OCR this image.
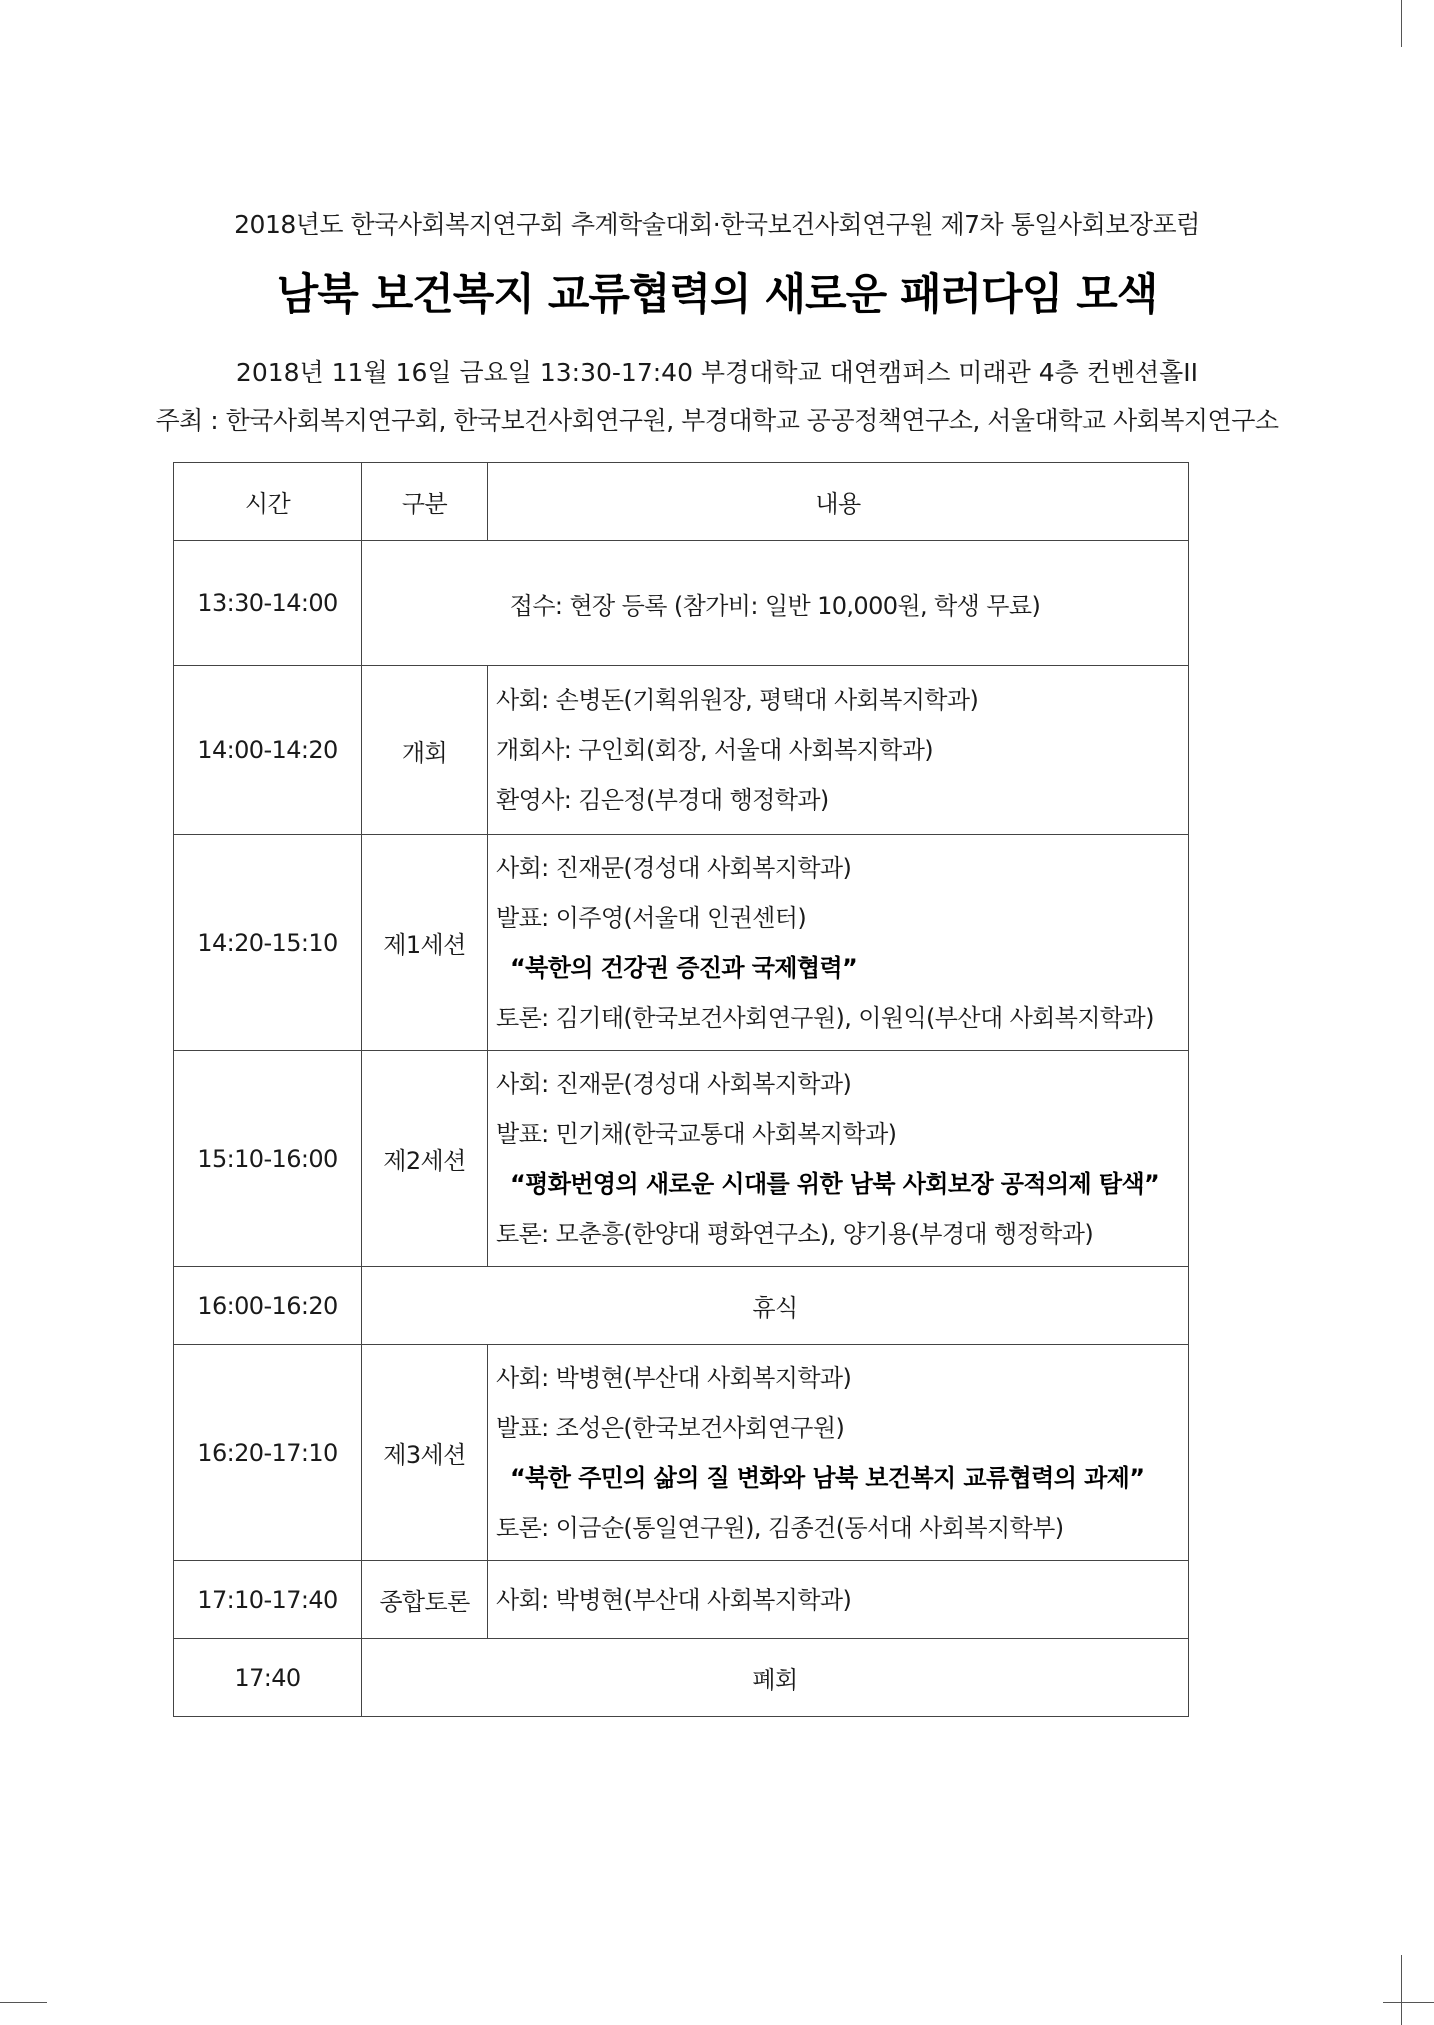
2018년도 한국사회복지연구회 추계학술대회·한국보건사회연구원 제7차 통일사회보장포럼
남북 보건복지 교류협력의 새로운 패러다임 모색
2018년 11월 16일 금요일 13:30-17:40 부경대학교 대연캠퍼스 미래관 4층 컨벤션홀II
주최 : 한국사회복지연구회, 한국보건사회연구원, 부경대학교 공공정책연구소, 서울대학교 사회복지연구소
시간	구분	내용
13:30-14:00	접수: 현장 등록 (참가비: 일반 10,000원, 학생 무료)	
14:00-14:20	개회	사회: 손병돈(기획위원장, 평택대 사회복지학과)
개회사: 구인회(회장, 서울대 사회복지학과)
환영사: 김은정(부경대 행정학과)

14:20-15:10	제1세션	사회: 진재문(경성대 사회복지학과)
발표: 이주영(서울대 인권센터)
“북한의 건강권 증진과 국제협력”
토론: 김기태(한국보건사회연구원), 이원익(부산대 사회복지학과)

15:10-16:00	제2세션	사회: 진재문(경성대 사회복지학과)
발표: 민기채(한국교통대 사회복지학과)
“평화번영의 새로운 시대를 위한 남북 사회보장 공적의제 탐색”
토론: 모춘흥(한양대 평화연구소), 양기용(부경대 행정학과)

16:00-16:20	휴식	
16:20-17:10	제3세션	사회: 박병현(부산대 사회복지학과)
발표: 조성은(한국보건사회연구원)
“북한 주민의 삶의 질 변화와 남북 보건복지 교류협력의 과제”
토론: 이금순(통일연구원), 김종건(동서대 사회복지학부)

17:10-17:40	종합토론	사회: 박병현(부산대 사회복지학과)

17:40	폐회	
